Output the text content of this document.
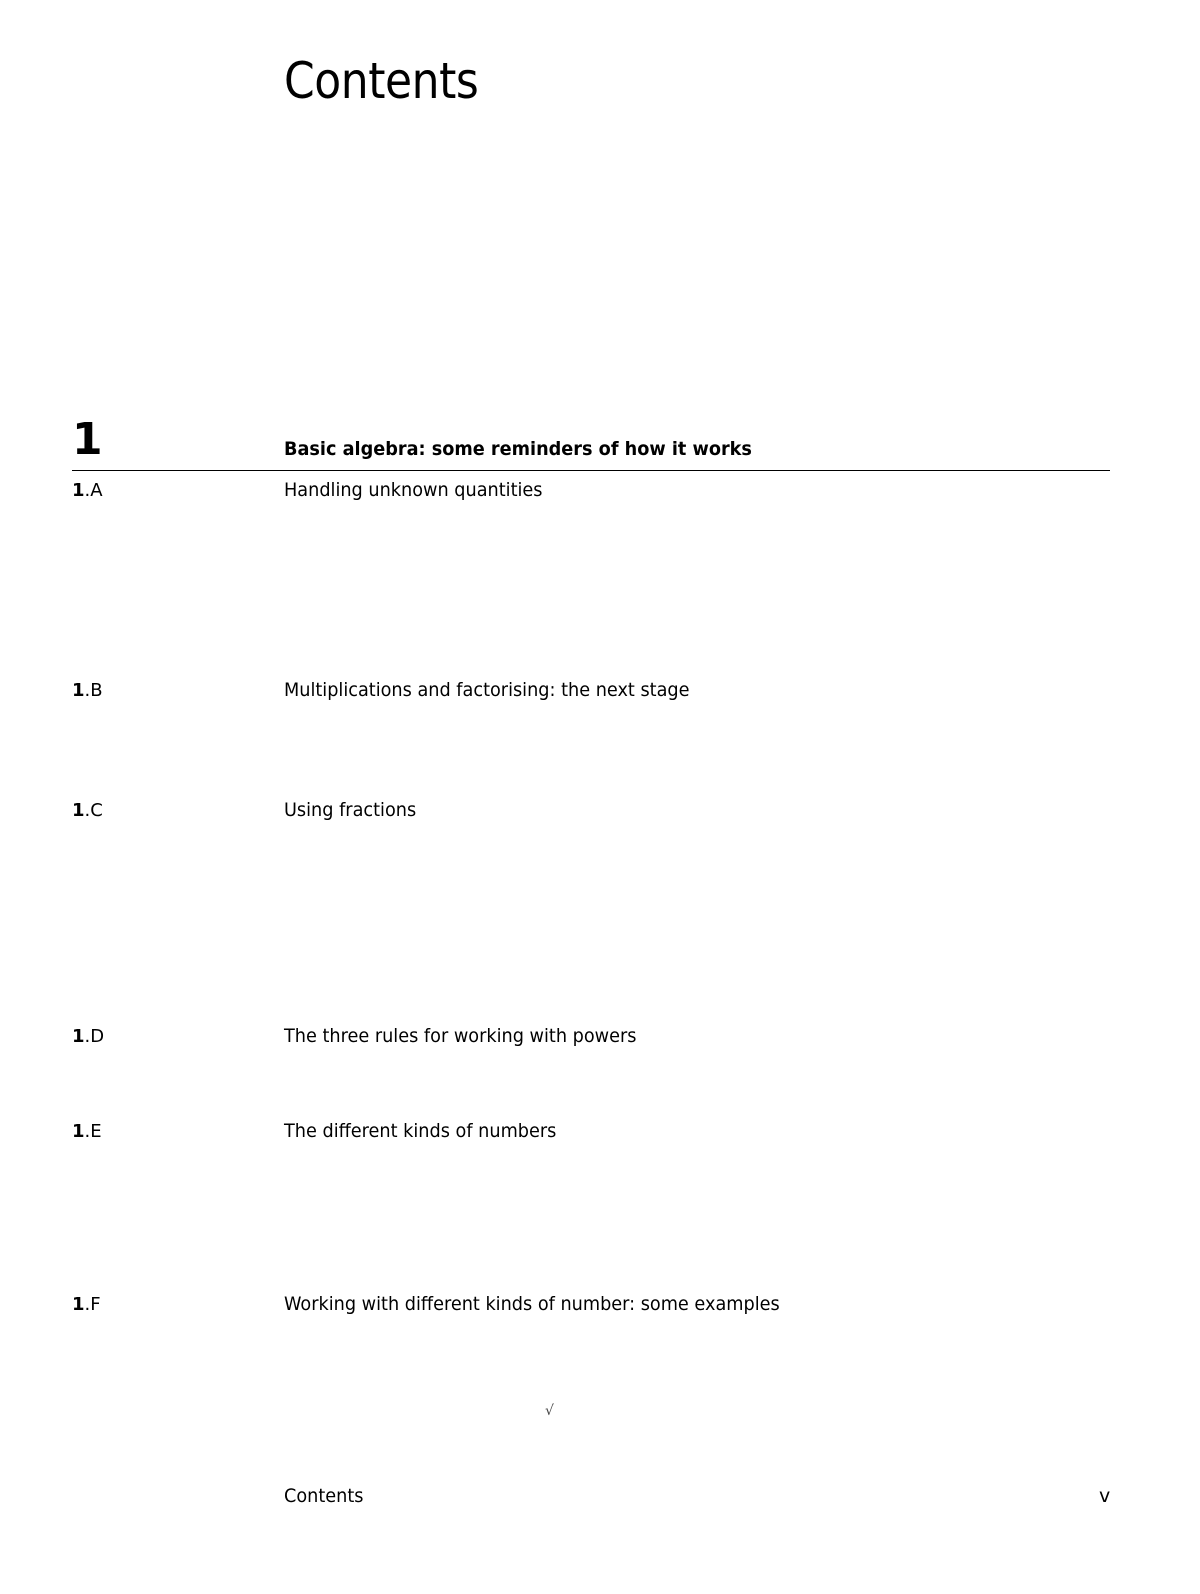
Contents
1	Basic algebra: some reminders of how it works
1.A	Handling unknown quantities
1.B	Multiplications and factorising: the next stage
1.C	Using fractions
1.D	The three rules for working with powers
1.E	The different kinds of numbers
1.F	Working with different kinds of number: some examples
√
Contents	v
